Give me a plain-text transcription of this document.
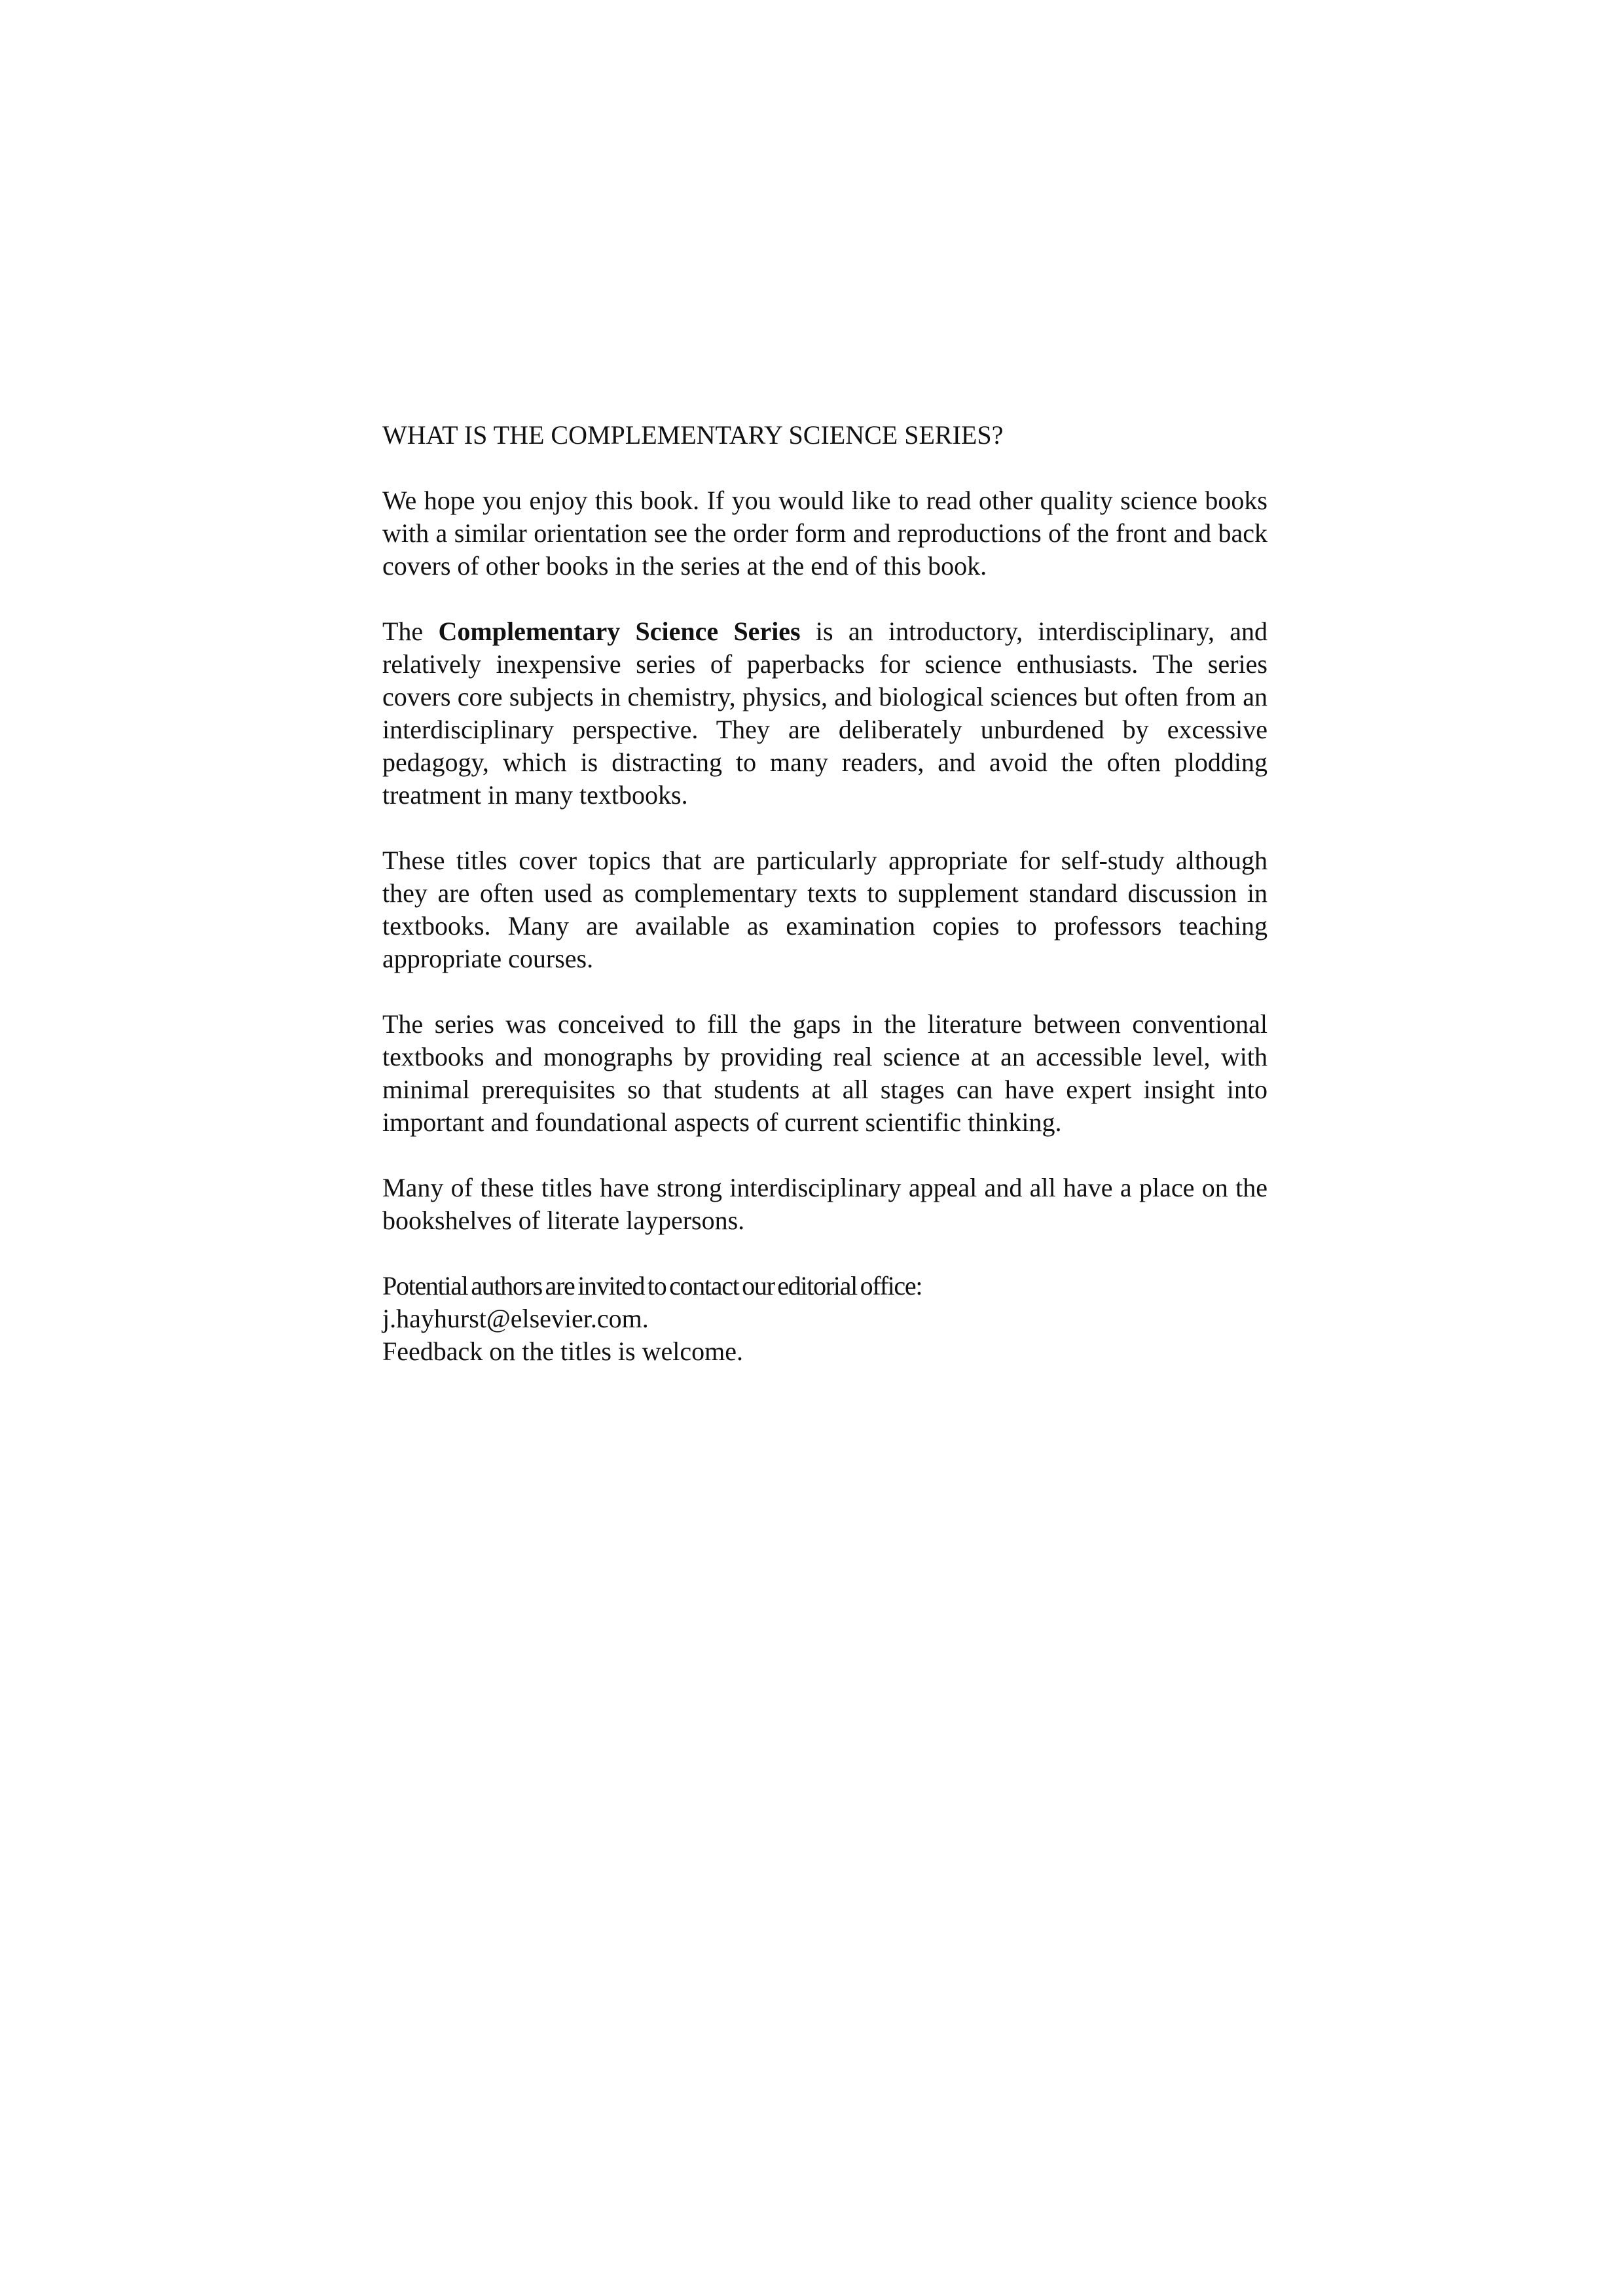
WHAT IS THE COMPLEMENTARY SCIENCE SERIES?

We hope you enjoy this book. If you would like to read other quality science books with a similar orientation see the order form and reproductions of the front and back covers of other books in the series at the end of this book.

The Complementary Science Series is an introductory, interdisciplinary, and relatively inexpensive series of paperbacks for science enthusiasts. The series covers core subjects in chemistry, physics, and biological sciences but often from an interdisciplinary perspective. They are deliberately unburdened by excessive pedagogy, which is distracting to many readers, and avoid the often plodding treatment in many textbooks.

These titles cover topics that are particularly appropriate for self-study although they are often used as complementary texts to supplement standard discussion in textbooks. Many are available as examination copies to professors teaching appropriate courses.

The series was conceived to fill the gaps in the literature between conventional textbooks and monographs by providing real science at an accessible level, with minimal prerequisites so that students at all stages can have expert insight into important and foundational aspects of current scientific thinking.

Many of these titles have strong interdisciplinary appeal and all have a place on the bookshelves of literate laypersons.

Potential authors are invited to contact our editorial office:

j.hayhurst@elsevier.com.

Feedback on the titles is welcome.
